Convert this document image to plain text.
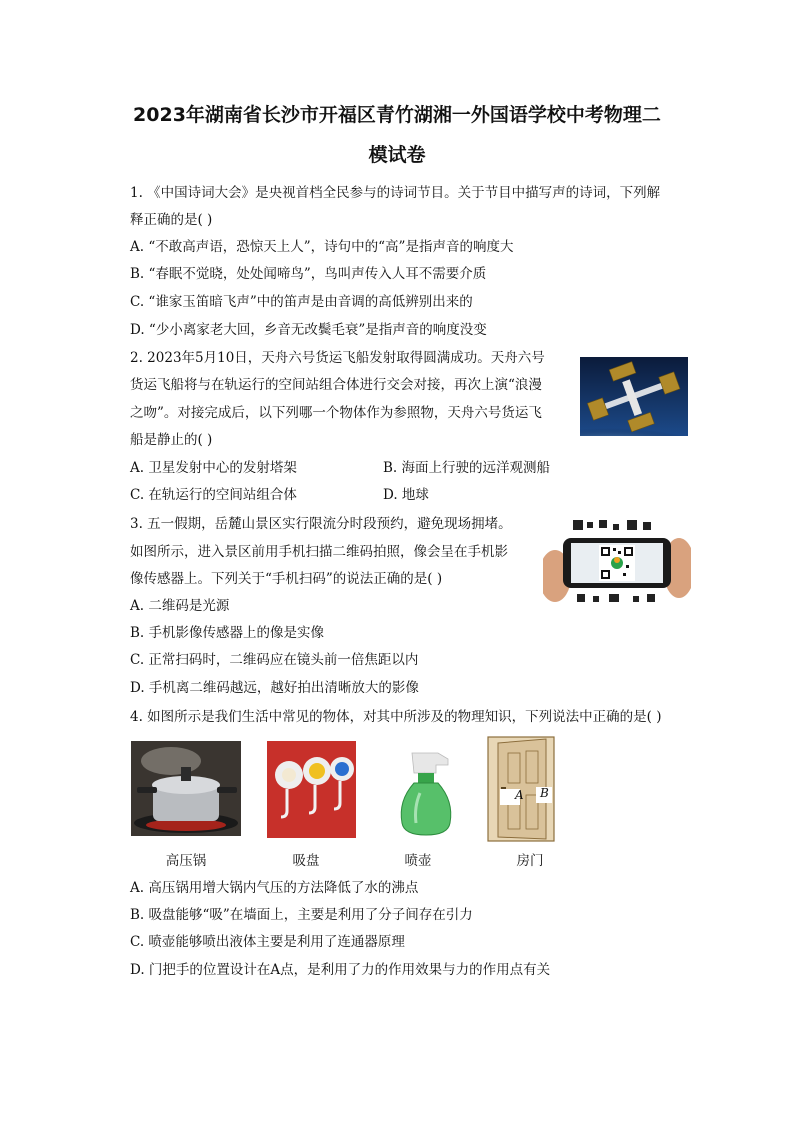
2023年湖南省长沙市开福区青竹湖湘一外国语学校中考物理二
模试卷
1. 《中国诗词大会》是央视首档全民参与的诗词节目。关于节目中描写声的诗词，下列解
释正确的是( )
A. “不敢高声语，恐惊天上人”，诗句中的“高”是指声音的响度大
B. “春眠不觉晓，处处闻啼鸟”，鸟叫声传入人耳不需要介质
C. “谁家玉笛暗飞声”中的笛声是由音调的高低辨别出来的
D. “少小离家老大回，乡音无改鬓毛衰”是指声音的响度没变
2. 2023年5月10日，天舟六号货运飞船发射取得圆满成功。天舟六号
货运飞船将与在轨运行的空间站组合体进行交会对接，再次上演“浪漫
之吻”。对接完成后，以下列哪一个物体作为参照物，天舟六号货运飞
船是静止的( )
A. 卫星发射中心的发射塔架	B. 海面上行驶的远洋观测船
C. 在轨运行的空间站组合体	D. 地球
3. 五一假期，岳麓山景区实行限流分时段预约，避免现场拥堵。
如图所示，进入景区前用手机扫描二维码拍照，像会呈在手机影
像传感器上。下列关于“手机扫码”的说法正确的是( )
A. 二维码是光源
B. 手机影像传感器上的像是实像
C. 正常扫码时，二维码应在镜头前一倍焦距以内
D. 手机离二维码越远，越好拍出清晰放大的影像
4. 如图所示是我们生活中常见的物体，对其中所涉及的物理知识，下列说法中正确的是( )
高压锅	吸盘	喷壶
A B
房门
A. 高压锅用增大锅内气压的方法降低了水的沸点
B. 吸盘能够“吸”在墙面上，主要是利用了分子间存在引力
C. 喷壶能够喷出液体主要是利用了连通器原理
D. 门把手的位置设计在A点，是利用了力的作用效果与力的作用点有关
